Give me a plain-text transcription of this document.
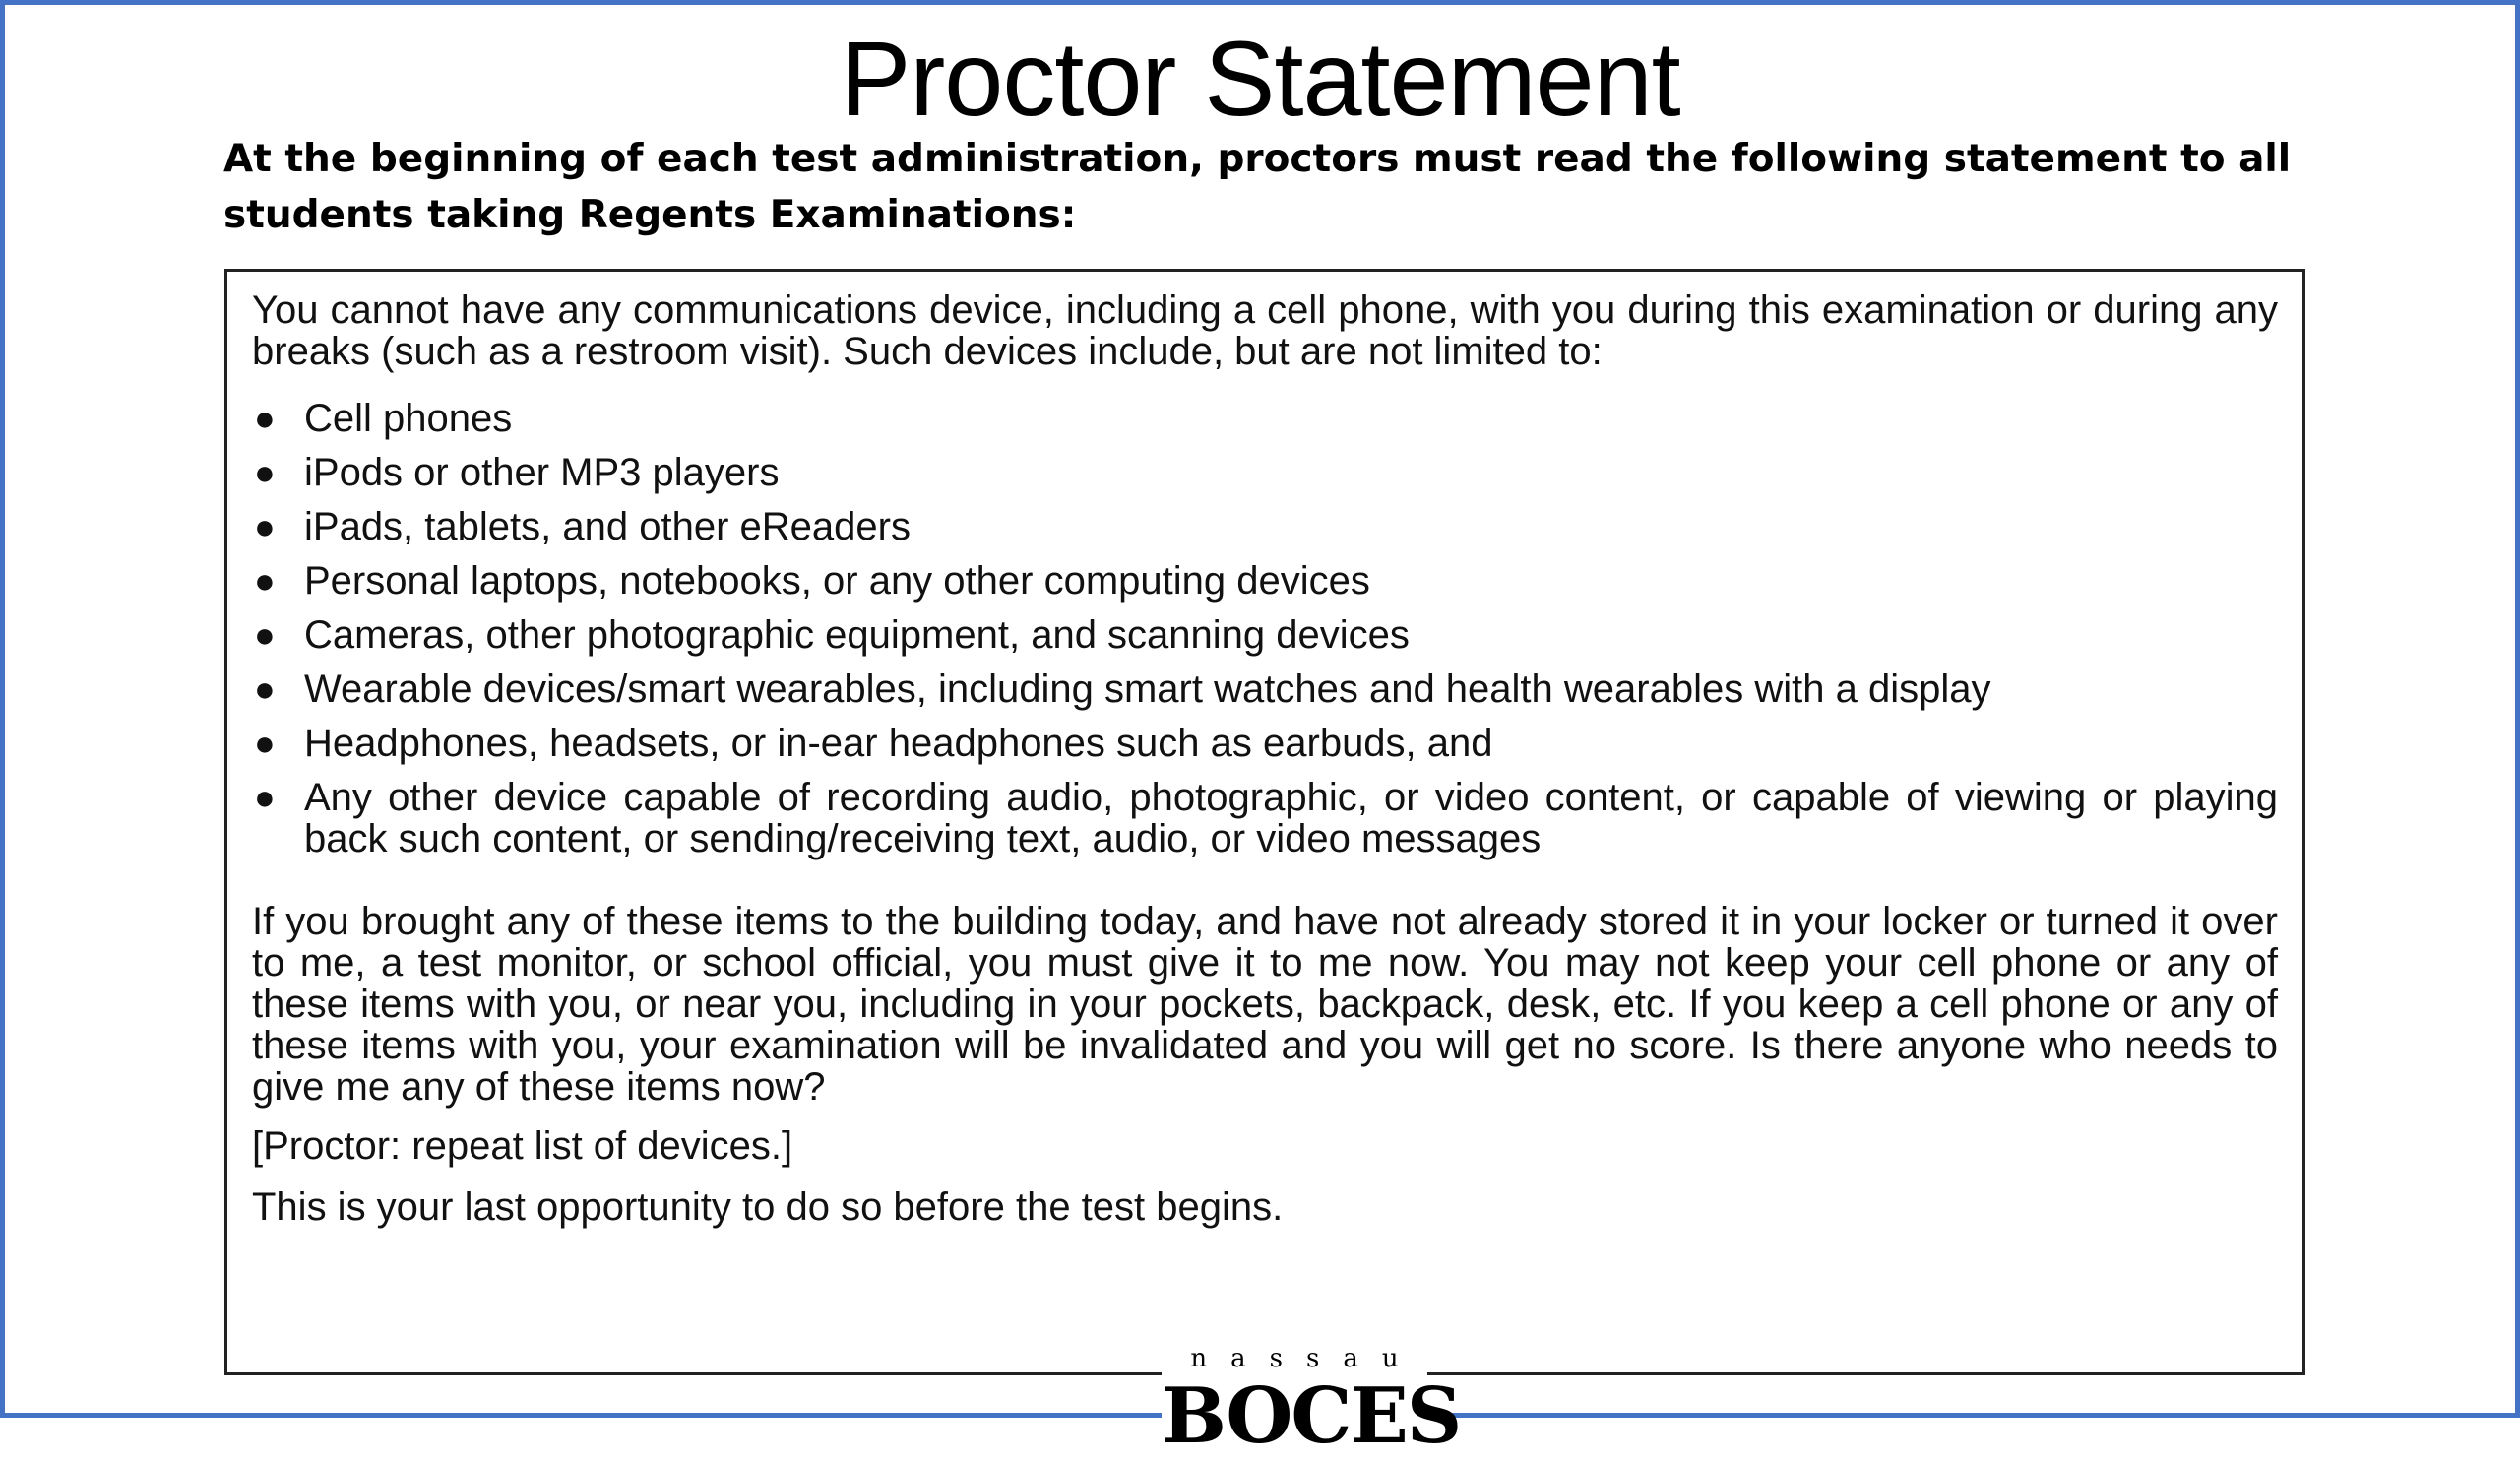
Proctor Statement
At the beginning of each test administration, proctors must read the following statement to all students taking Regents Examinations:

You cannot have any communications device, including a cell phone, with you during this examination or during any breaks (such as a restroom visit). Such devices include, but are not limited to:

● Cell phones
● iPods or other MP3 players
● iPads, tablets, and other eReaders
● Personal laptops, notebooks, or any other computing devices
● Cameras, other photographic equipment, and scanning devices
● Wearable devices/smart wearables, including smart watches and health wearables with a display
● Headphones, headsets, or in-ear headphones such as earbuds, and
● Any other device capable of recording audio, photographic, or video content, or capable of viewing or playing back such content, or sending/receiving text, audio, or video messages

If you brought any of these items to the building today, and have not already stored it in your locker or turned it over to me, a test monitor, or school official, you must give it to me now. You may not keep your cell phone or any of these items with you, or near you, including in your pockets, backpack, desk, etc. If you keep a cell phone or any of these items with you, your examination will be invalidated and you will get no score. Is there anyone who needs to give me any of these items now?

[Proctor: repeat list of devices.]

This is your last opportunity to do so before the test begins.

nassau
BOCES
